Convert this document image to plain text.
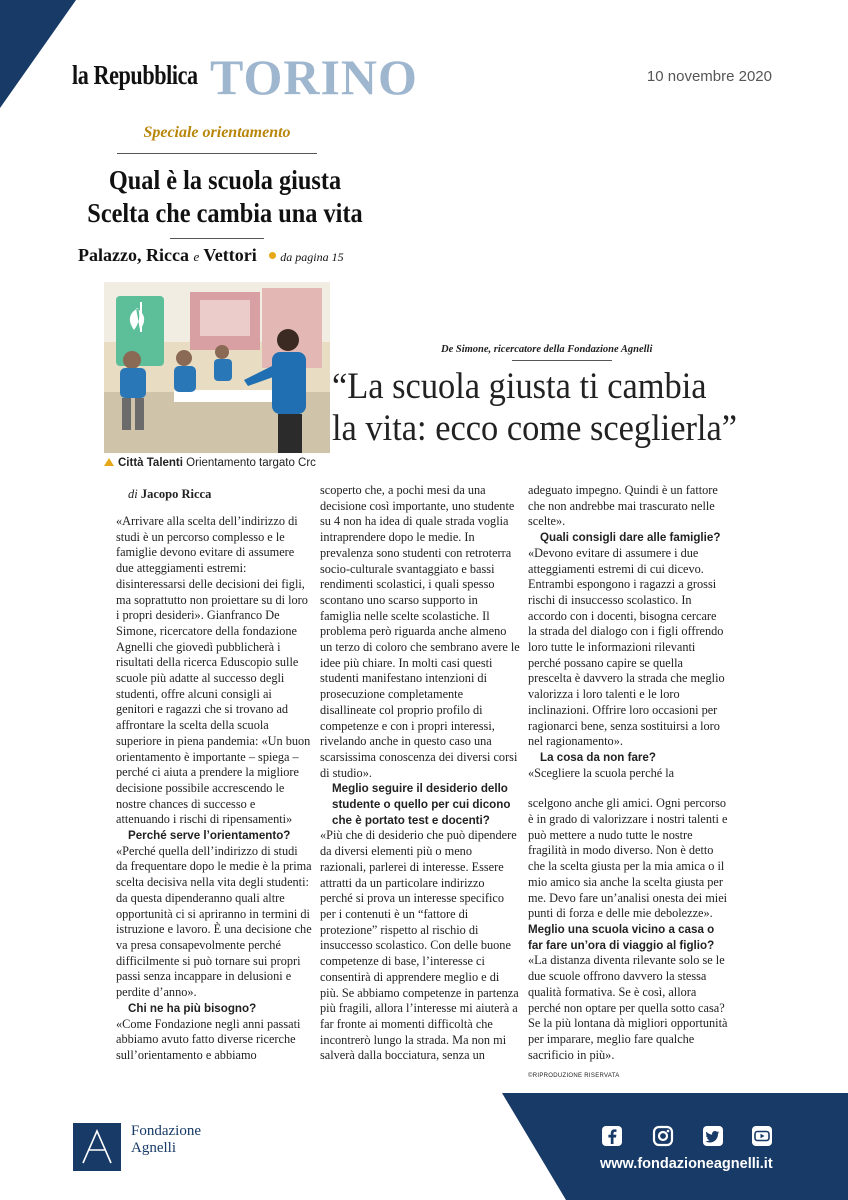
la Repubblica TORINO	10 novembre 2020
Speciale orientamento
Qual è la scuola giusta
Scelta che cambia una vita
Palazzo, Ricca e Vettori da pagina 15
Città Talenti Orientamento targato Crc
De Simone, ricercatore della Fondazione Agnelli
“La scuola giusta ti cambia
la vita: ecco come sceglierla”
di Jacopo Ricca

«Arrivare alla scelta dell’indirizzo di studi è un percorso complesso e le famiglie devono evitare di assumere due atteggiamenti estremi: disinteressarsi delle decisioni dei figli, ma soprattutto non proiettare su di loro i propri desideri». Gianfranco De Simone, ricercatore della fondazione Agnelli che giovedì pubblicherà i risultati della ricerca Eduscopio sulle scuole più adatte al successo degli studenti, offre alcuni consigli ai genitori e ragazzi che si trovano ad affrontare la scelta della scuola superiore in piena pandemia: «Un buon orientamento è importante – spiega – perché ci aiuta a prendere la migliore decisione possibile accrescendo le nostre chances di successo e attenuando i rischi di ripensamenti»

Perché serve l’orientamento?

«Perché quella dell’indirizzo di studi da frequentare dopo le medie è la prima scelta decisiva nella vita degli studenti: da questa dipenderanno quali altre opportunità ci si apriranno in termini di istruzione e lavoro. È una decisione che va presa consapevolmente perché difficilmente si può tornare sui propri passi senza incappare in delusioni e perdite d’anno».

Chi ne ha più bisogno?

«Come Fondazione negli anni passati abbiamo avuto fatto diverse ricerche sull’orientamento e abbiamo

scoperto che, a pochi mesi da una decisione così importante, uno studente su 4 non ha idea di quale strada voglia intraprendere dopo le medie. In prevalenza sono studenti con retroterra socio-culturale svantaggiato e bassi rendimenti scolastici, i quali spesso scontano uno scarso supporto in famiglia nelle scelte scolastiche. Il problema però riguarda anche almeno un terzo di coloro che sembrano avere le idee più chiare. In molti casi questi studenti manifestano intenzioni di prosecuzione completamente disallineate col proprio profilo di competenze e con i propri interessi, rivelando anche in questo caso una scarsissima conoscenza dei diversi corsi di studio».

Meglio seguire il desiderio dello studente o quello per cui dicono che è portato test e docenti?

«Più che di desiderio che può dipendere da diversi elementi più o meno razionali, parlerei di interesse. Essere attratti da un particolare indirizzo perché si prova un interesse specifico per i contenuti è un “fattore di protezione” rispetto al rischio di insuccesso scolastico. Con delle buone competenze di base, l’interesse ci consentirà di apprendere meglio e di più. Se abbiamo competenze in partenza più fragili, allora l’interesse mi aiuterà a far fronte ai momenti difficoltà che incontrerò lungo la strada. Ma non mi salverà dalla bocciatura, senza un

adeguato impegno. Quindi è un fattore che non andrebbe mai trascurato nelle scelte».

Quali consigli dare alle famiglie?

«Devono evitare di assumere i due atteggiamenti estremi di cui dicevo. Entrambi espongono i ragazzi a grossi rischi di insuccesso scolastico. In accordo con i docenti, bisogna cercare la strada del dialogo con i figli offrendo loro tutte le informazioni rilevanti perché possano capire se quella prescelta è davvero la strada che meglio valorizza i loro talenti e le loro inclinazioni. Offrire loro occasioni per ragionarci bene, senza sostituirsi a loro nel ragionamento».

La cosa da non fare?

«Scegliere la scuola perché la

scelgono anche gli amici. Ogni percorso è in grado di valorizzare i nostri talenti e può mettere a nudo tutte le nostre fragilità in modo diverso. Non è detto che la scelta giusta per la mia amica o il mio amico sia anche la scelta giusta per me. Devo fare un’analisi onesta dei miei punti di forza e delle mie debolezze».

Meglio una scuola vicino a casa o far fare un’ora di viaggio al figlio?

«La distanza diventa rilevante solo se le due scuole offrono davvero la stessa qualità formativa. Se è così, allora perché non optare per quella sotto casa? Se la più lontana dà migliori opportunità per imparare, meglio fare qualche sacrificio in più».

©RIPRODUZIONE RISERVATA

Fondazione
Agnelli
www.fondazioneagnelli.it
